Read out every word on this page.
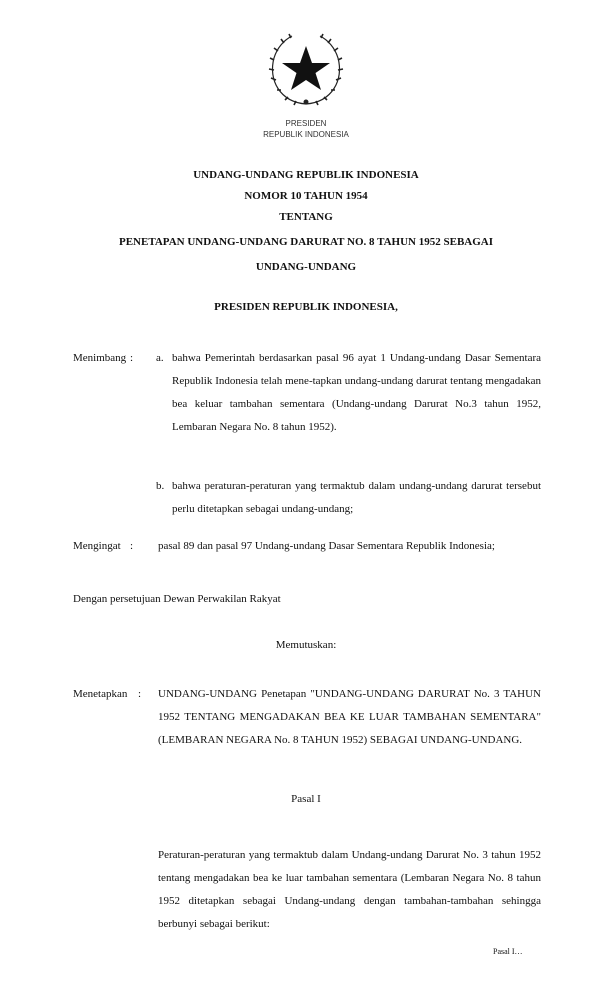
PRESIDEN
REPUBLIK INDONESIA
UNDANG-UNDANG REPUBLIK INDONESIA
NOMOR 10 TAHUN 1954
TENTANG
PENETAPAN UNDANG-UNDANG DARURAT NO. 8 TAHUN 1952 SEBAGAI
UNDANG-UNDANG
PRESIDEN REPUBLIK INDONESIA,
Menimbang : a. bahwa Pemerintah berdasarkan pasal 96 ayat 1 Undang-undang Dasar Sementara Republik Indonesia telah mene-tapkan undang-undang darurat tentang mengadakan bea keluar tambahan sementara (Undang-undang Darurat No.3 tahun 1952, Lembaran Negara No. 8 tahun 1952).
b. bahwa peraturan-peraturan yang termaktub dalam undang-undang darurat tersebut perlu ditetapkan sebagai undang-undang;
Mengingat : pasal 89 dan pasal 97 Undang-undang Dasar Sementara Republik Indonesia;
Dengan persetujuan Dewan Perwakilan Rakyat
Memutuskan:
Menetapkan : UNDANG-UNDANG Penetapan "UNDANG-UNDANG DARURAT No. 3 TAHUN 1952 TENTANG MENGADAKAN BEA KE LUAR TAMBAHAN SEMENTARA" (LEMBARAN NEGARA No. 8 TAHUN 1952) SEBAGAI UNDANG-UNDANG.
Pasal I
Peraturan-peraturan yang termaktub dalam Undang-undang Darurat No. 3 tahun 1952 tentang mengadakan bea ke luar tambahan sementara (Lembaran Negara No. 8 tahun 1952 ditetapkan sebagai Undang-undang dengan tambahan-tambahan sehingga berbunyi sebagai berikut:
Pasal I…
